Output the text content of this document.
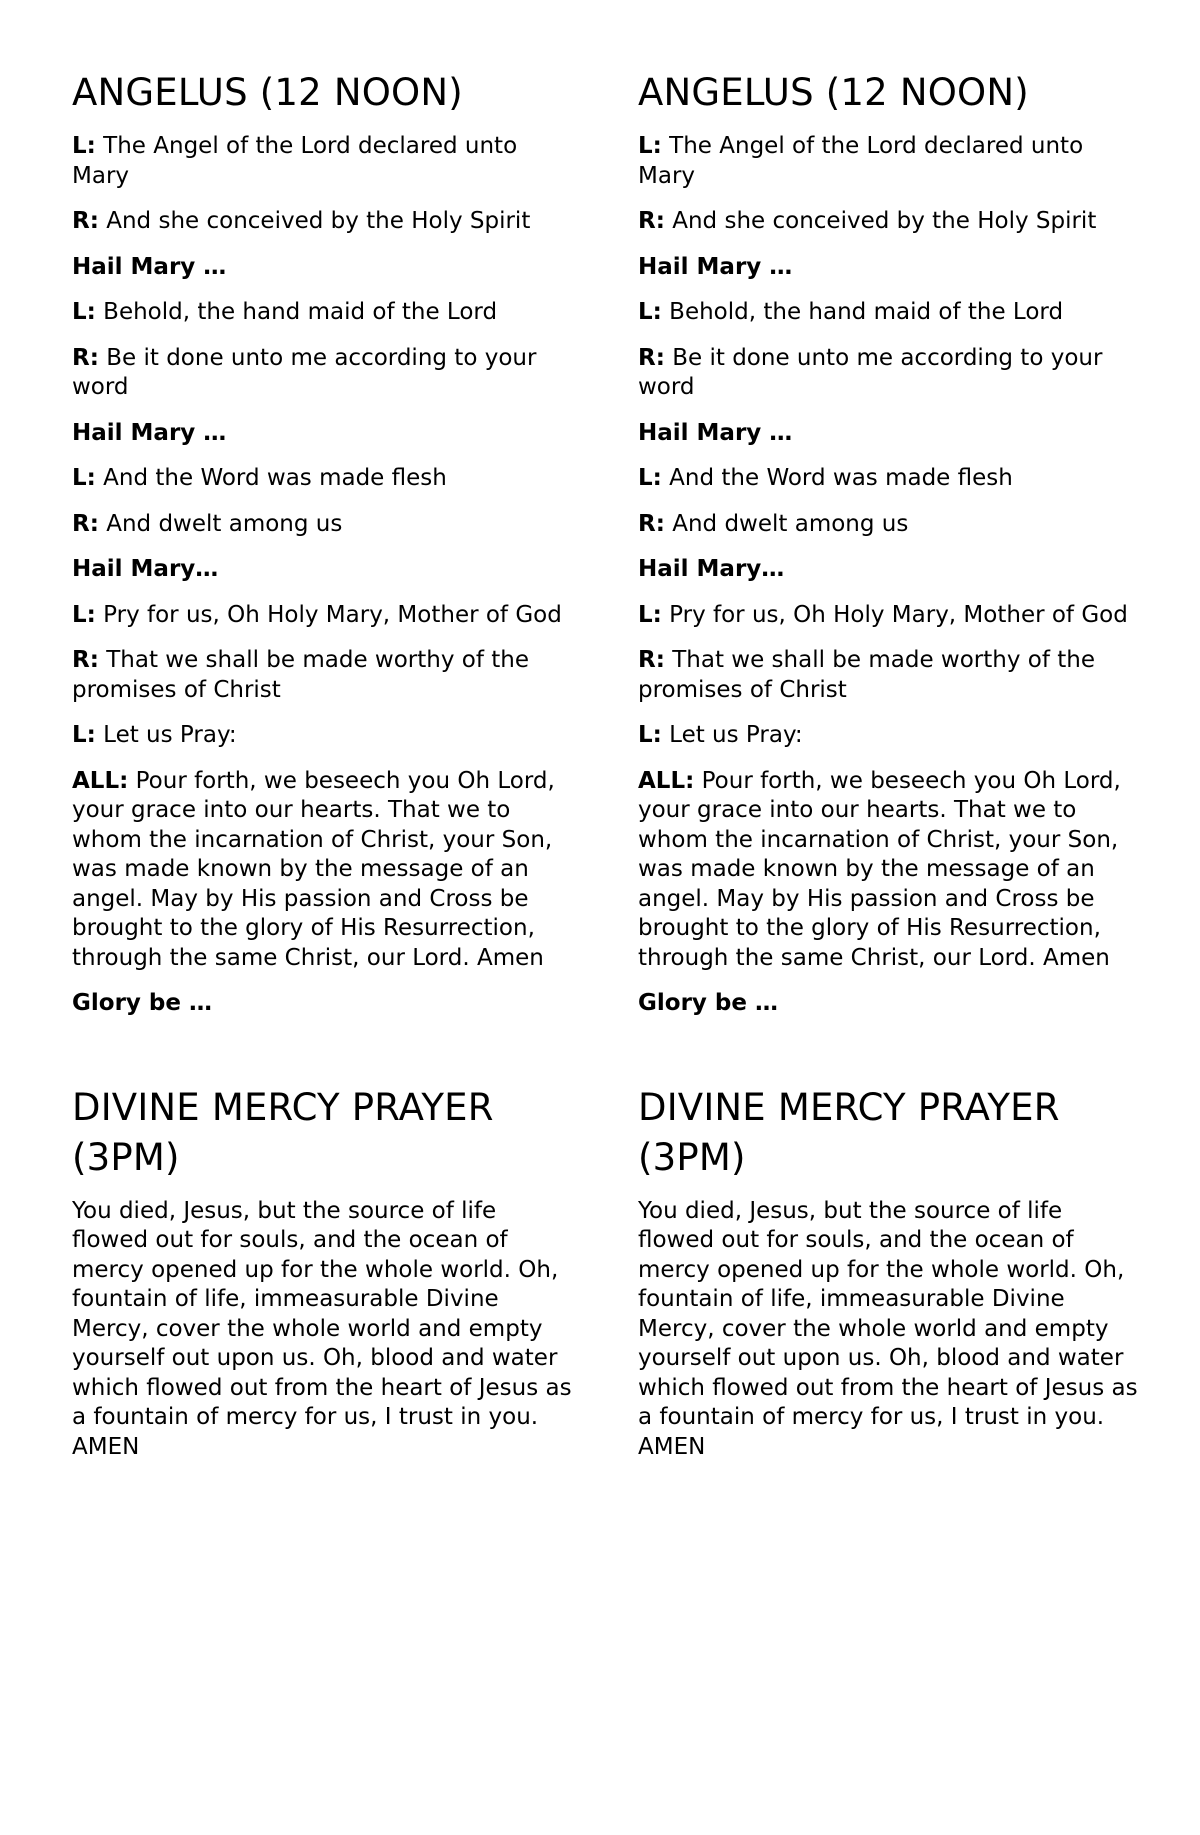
ANGELUS (12 NOON)

L: The Angel of the Lord declared unto Mary

R: And she conceived by the Holy Spirit

Hail Mary …

L: Behold, the hand maid of the Lord

R: Be it done unto me according to your word

Hail Mary …

L: And the Word was made flesh

R: And dwelt among us

Hail Mary…

L: Pry for us, Oh Holy Mary, Mother of God

R: That we shall be made worthy of the promises of Christ

L: Let us Pray:

ALL: Pour forth, we beseech you Oh Lord, your grace into our hearts. That we to whom the incarnation of Christ, your Son, was made known by the message of an angel. May by His passion and Cross be brought to the glory of His Resurrection, through the same Christ, our Lord. Amen

Glory be …

DIVINE MERCY PRAYER (3PM)

You died, Jesus, but the source of life flowed out for souls, and the ocean of mercy opened up for the whole world. Oh, fountain of life, immeasurable Divine Mercy, cover the whole world and empty yourself out upon us. Oh, blood and water which flowed out from the heart of Jesus as a fountain of mercy for us, I trust in you. AMEN

ANGELUS (12 NOON)

L: The Angel of the Lord declared unto Mary

R: And she conceived by the Holy Spirit

Hail Mary …

L: Behold, the hand maid of the Lord

R: Be it done unto me according to your word

Hail Mary …

L: And the Word was made flesh

R: And dwelt among us

Hail Mary…

L: Pry for us, Oh Holy Mary, Mother of God

R: That we shall be made worthy of the promises of Christ

L: Let us Pray:

ALL: Pour forth, we beseech you Oh Lord, your grace into our hearts. That we to whom the incarnation of Christ, your Son, was made known by the message of an angel. May by His passion and Cross be brought to the glory of His Resurrection, through the same Christ, our Lord. Amen

Glory be …

DIVINE MERCY PRAYER (3PM)

You died, Jesus, but the source of life flowed out for souls, and the ocean of mercy opened up for the whole world. Oh, fountain of life, immeasurable Divine Mercy, cover the whole world and empty yourself out upon us. Oh, blood and water which flowed out from the heart of Jesus as a fountain of mercy for us, I trust in you. AMEN
